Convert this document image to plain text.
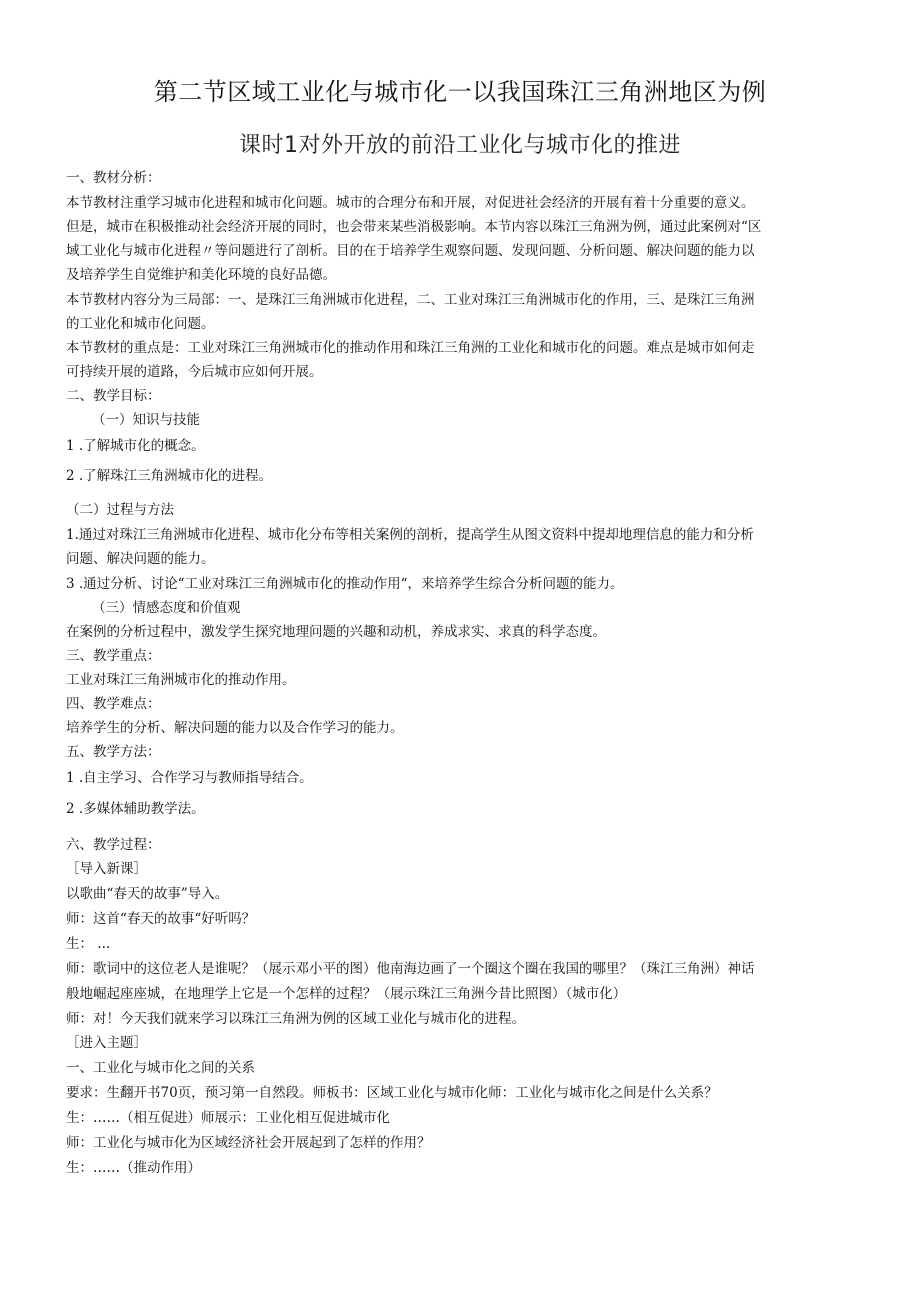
第二节区域工业化与城市化一以我国珠江三角洲地区为例
课时1对外开放的前沿工业化与城市化的推进
一、教材分析：
本节教材注重学习城市化进程和城市化问题。城市的合理分布和开展，对促进社会经济的开展有着十分重要的意义。
但是，城市在积极推动社会经济开展的同时，也会带来某些消极影响。本节内容以珠江三角洲为例，通过此案例对“区
域工业化与城市化进程〃等问题进行了剖析。目的在于培养学生观察问题、发现问题、分析问题、解决问题的能力以
及培养学生自觉维护和美化环境的良好品德。
本节教材内容分为三局部：一、是珠江三角洲城市化进程，二、工业对珠江三角洲城市化的作用，三、是珠江三角洲
的工业化和城市化问题。
本节教材的重点是：工业对珠江三角洲城市化的推动作用和珠江三角洲的工业化和城市化的问题。难点是城市如何走
可持续开展的道路，今后城市应如何开展。
二、教学目标：
（一）知识与技能
1 .了解城市化的概念。
2 .了解珠江三角洲城市化的进程。
（二）过程与方法
1.通过对珠江三角洲城市化进程、城市化分布等相关案例的剖析，提高学生从图文资料中提却地理信息的能力和分析
问题、解决问题的能力。
3 .通过分析、讨论“工业对珠江三角洲城市化的推动作用“，来培养学生综合分析问题的能力。
（三）情感态度和价值观
在案例的分析过程中，激发学生探究地理问题的兴趣和动机，养成求实、求真的科学态度。
三、教学重点：
工业对珠江三角洲城市化的推动作用。
四、教学难点：
培养学生的分析、解决问题的能力以及合作学习的能力。
五、教学方法：
1 .自主学习、合作学习与教师指导结合。
2 .多媒体辅助教学法。
六、教学过程：
［导入新课］
以歌曲“春天的故事”导入。
师：这首“春天的故事“好听吗？
生： ...
师：歌词中的这位老人是谁呢？（展示邓小平的图）他南海边画了一个圈这个圈在我国的哪里？（珠江三角洲）神话
般地崛起座座城，在地理学上它是一个怎样的过程？（展示珠江三角洲今昔比照图）（城市化）
师：对！今天我们就来学习以珠江三角洲为例的区域工业化与城市化的进程。
［进入主题］
一、工业化与城市化之间的关系
要求：生翻开书70页，预习第一自然段。师板书：区域工业化与城市化师：工业化与城市化之间是什么关系？
生：……（相互促进）师展示：工业化相互促进城市化
师：工业化与城市化为区域经济社会开展起到了怎样的作用？
生：……（推动作用）
